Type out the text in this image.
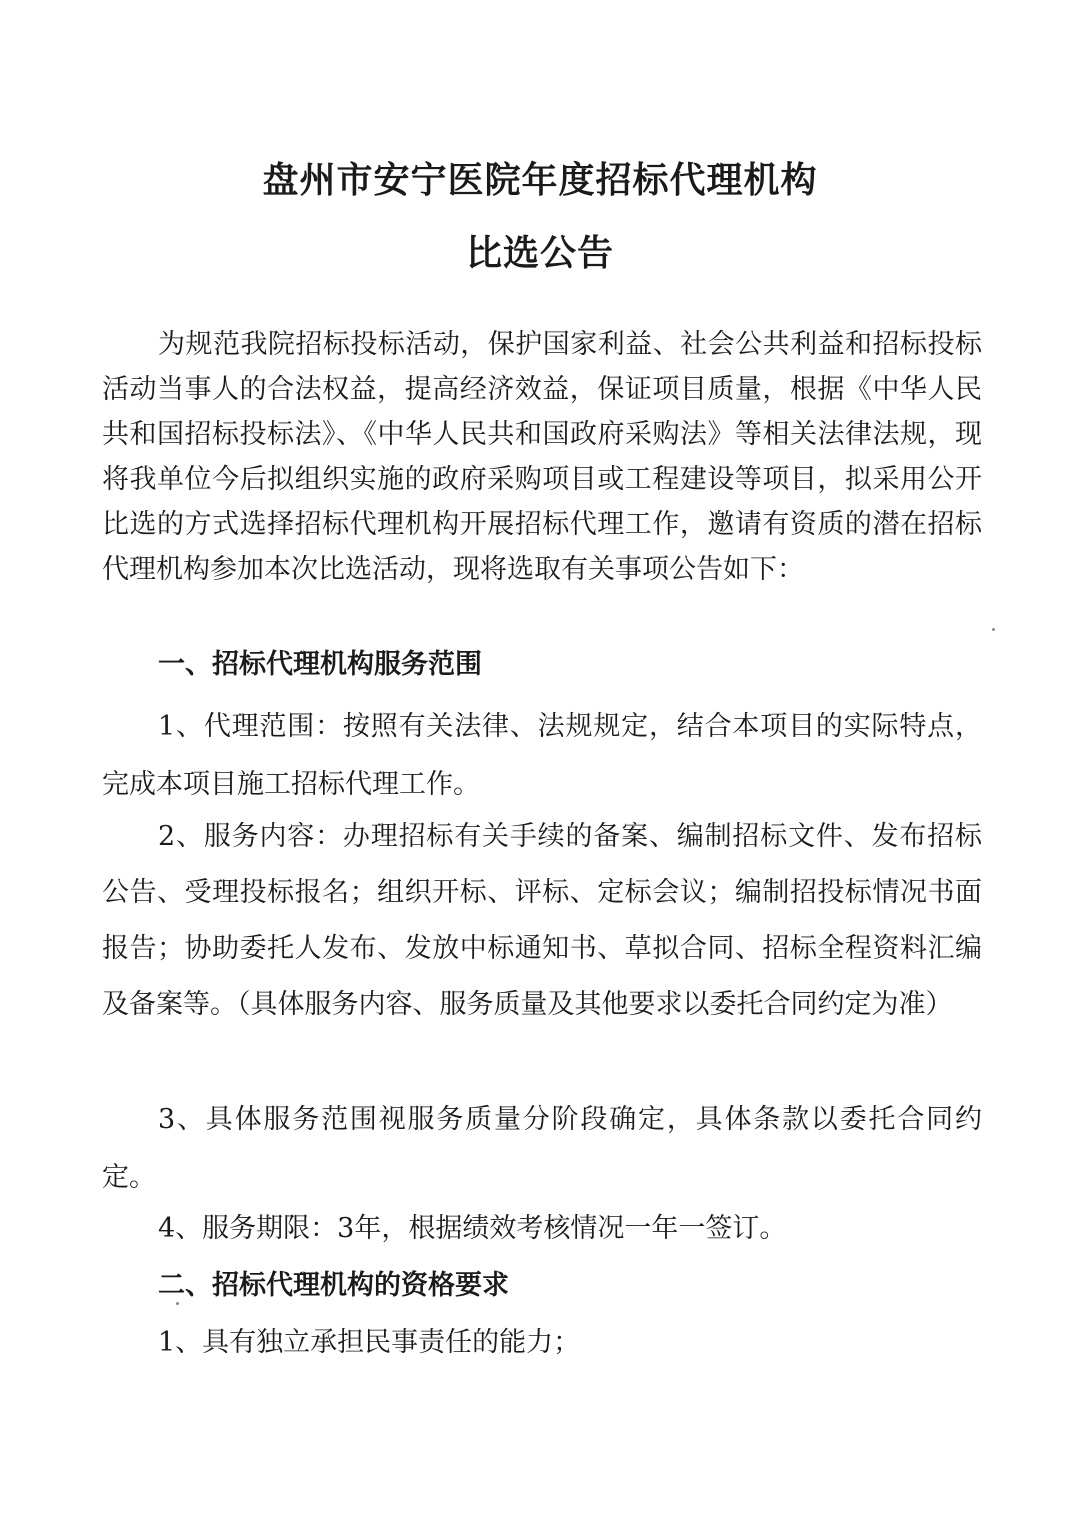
盘州市安宁医院年度招标代理机构
比选公告
为规范我院招标投标活动，保护国家利益、社会公共利益和招标投标活动当事人的合法权益，提高经济效益，保证项目质量，根据《中华人民共和国招标投标法》、《中华人民共和国政府采购法》等相关法律法规，现将我单位今后拟组织实施的政府采购项目或工程建设等项目，拟采用公开比选的方式选择招标代理机构开展招标代理工作，邀请有资质的潜在招标代理机构参加本次比选活动，现将选取有关事项公告如下：
一、招标代理机构服务范围
1、代理范围：按照有关法律、法规规定，结合本项目的实际特点，完成本项目施工招标代理工作。
2、服务内容：办理招标有关手续的备案、编制招标文件、发布招标公告、受理投标报名；组织开标、评标、定标会议；编制招投标情况书面报告；协助委托人发布、发放中标通知书、草拟合同、招标全程资料汇编及备案等。（具体服务内容、服务质量及其他要求以委托合同约定为准）
3、具体服务范围视服务质量分阶段确定，具体条款以委托合同约定。
4、服务期限：3年，根据绩效考核情况一年一签订。
二、招标代理机构的资格要求
1、具有独立承担民事责任的能力；
